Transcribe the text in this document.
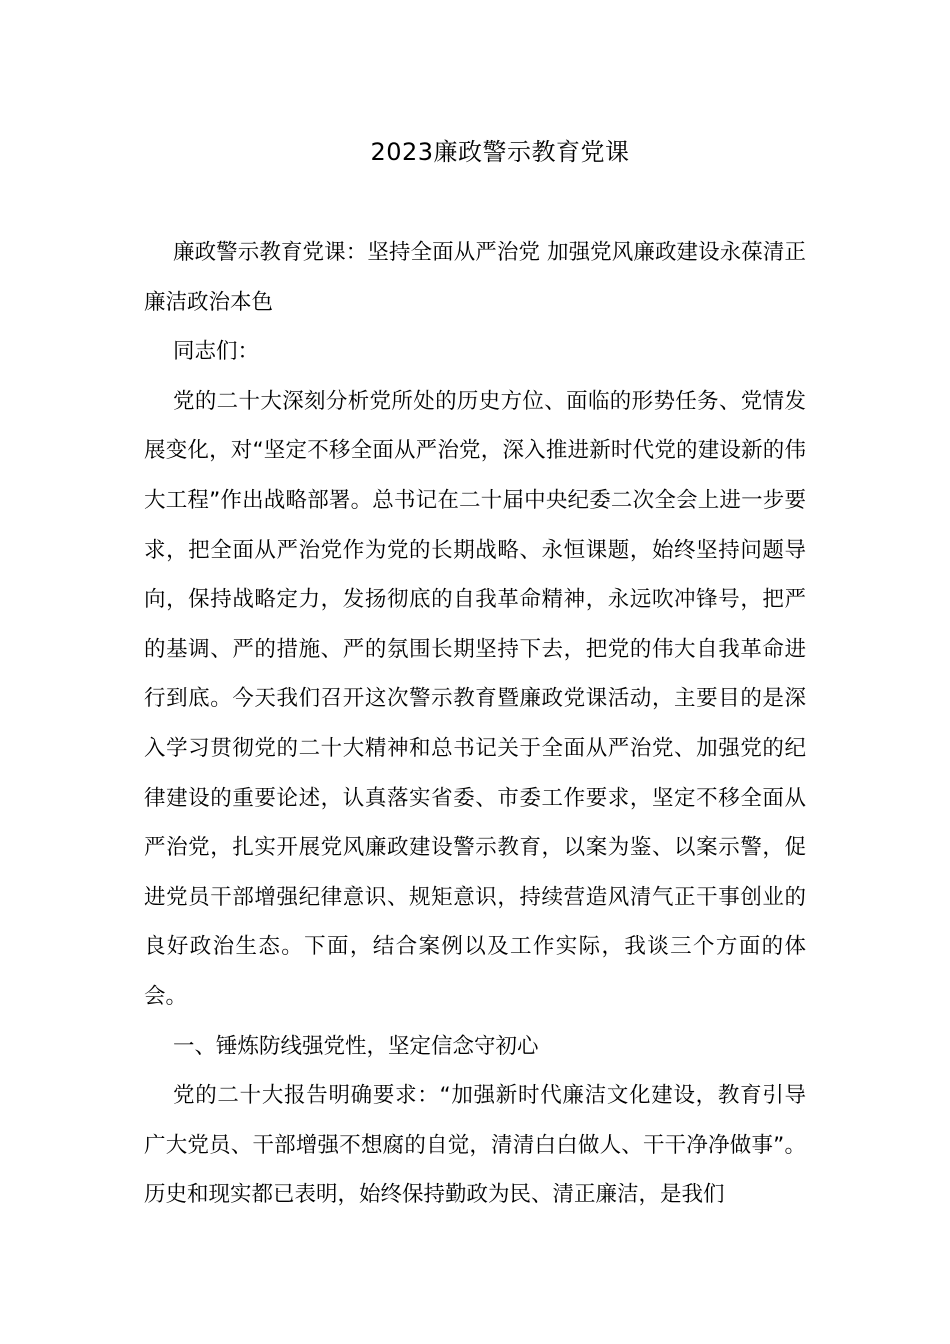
2023廉政警示教育党课

廉政警示教育党课：坚持全面从严治党 加强党风廉政建设永葆清正廉洁政治本色

同志们：

党的二十大深刻分析党所处的历史方位、面临的形势任务、党情发展变化，对“坚定不移全面从严治党，深入推进新时代党的建设新的伟大工程”作出战略部署。总书记在二十届中央纪委二次全会上进一步要求，把全面从严治党作为党的长期战略、永恒课题，始终坚持问题导向，保持战略定力，发扬彻底的自我革命精神，永远吹冲锋号，把严的基调、严的措施、严的氛围长期坚持下去，把党的伟大自我革命进行到底。今天我们召开这次警示教育暨廉政党课活动，主要目的是深入学习贯彻党的二十大精神和总书记关于全面从严治党、加强党的纪律建设的重要论述，认真落实省委、市委工作要求，坚定不移全面从严治党，扎实开展党风廉政建设警示教育，以案为鉴、以案示警，促进党员干部增强纪律意识、规矩意识，持续营造风清气正干事创业的良好政治生态。下面，结合案例以及工作实际，我谈三个方面的体会。

一、锤炼防线强党性，坚定信念守初心

党的二十大报告明确要求：“加强新时代廉洁文化建设，教育引导广大党员、干部增强不想腐的自觉，清清白白做人、干干净净做事”。历史和现实都已表明，始终保持勤政为民、清正廉洁，是我们
